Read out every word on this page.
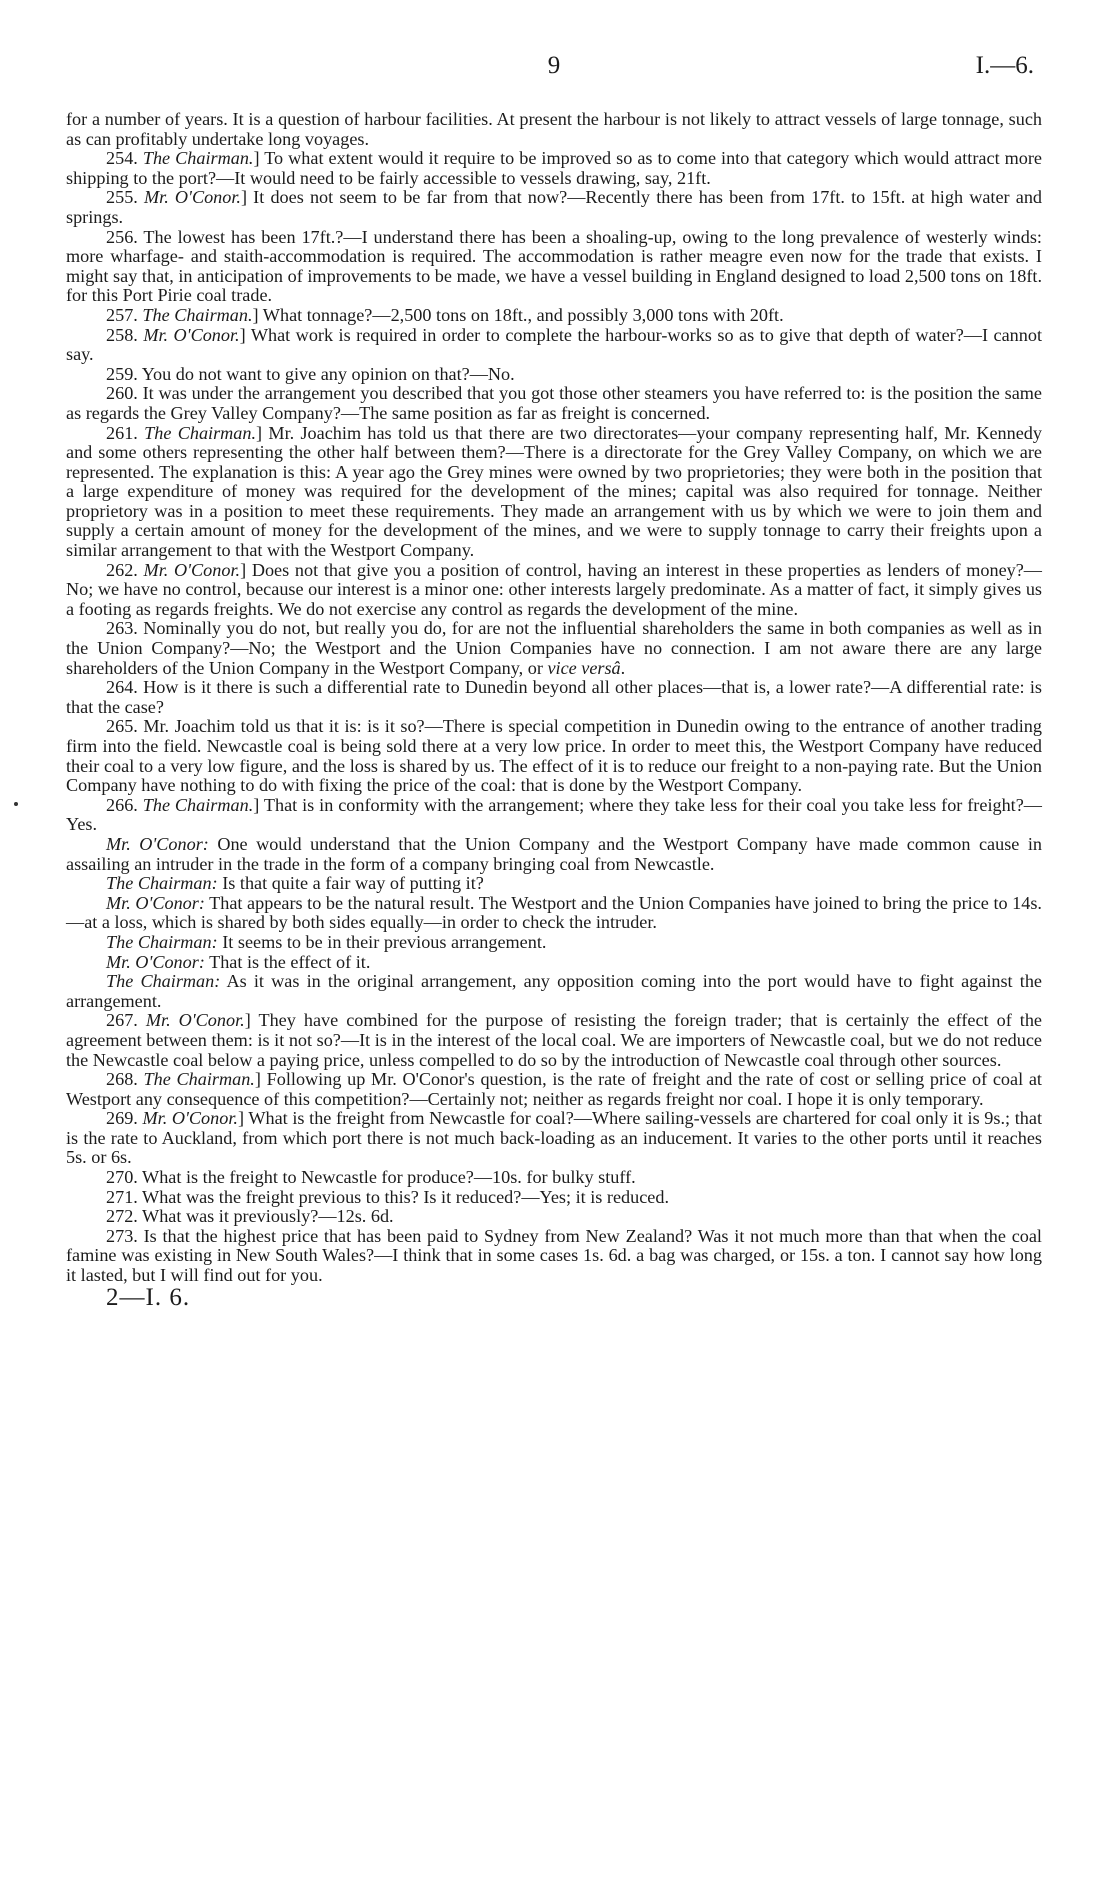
9	I.—6.

for a number of years. It is a question of harbour facilities. At present the harbour is not likely to attract vessels of large tonnage, such as can profitably undertake long voyages.

254. The Chairman.] To what extent would it require to be improved so as to come into that category which would attract more shipping to the port?—It would need to be fairly accessible to vessels drawing, say, 21ft.

255. Mr. O'Conor.] It does not seem to be far from that now?—Recently there has been from 17ft. to 15ft. at high water and springs.

256. The lowest has been 17ft.?—I understand there has been a shoaling-up, owing to the long prevalence of westerly winds: more wharfage- and staith-accommodation is required. The accommodation is rather meagre even now for the trade that exists. I might say that, in anticipation of improvements to be made, we have a vessel building in England designed to load 2,500 tons on 18ft. for this Port Pirie coal trade.

257. The Chairman.] What tonnage?—2,500 tons on 18ft., and possibly 3,000 tons with 20ft.

258. Mr. O'Conor.] What work is required in order to complete the harbour-works so as to give that depth of water?—I cannot say.

259. You do not want to give any opinion on that?—No.

260. It was under the arrangement you described that you got those other steamers you have referred to: is the position the same as regards the Grey Valley Company?—The same position as far as freight is concerned.

261. The Chairman.] Mr. Joachim has told us that there are two directorates—your company representing half, Mr. Kennedy and some others representing the other half between them?—There is a directorate for the Grey Valley Company, on which we are represented. The explanation is this: A year ago the Grey mines were owned by two proprietories; they were both in the position that a large expenditure of money was required for the development of the mines; capital was also required for tonnage. Neither proprietory was in a position to meet these requirements. They made an arrangement with us by which we were to join them and supply a certain amount of money for the development of the mines, and we were to supply tonnage to carry their freights upon a similar arrangement to that with the Westport Company.

262. Mr. O'Conor.] Does not that give you a position of control, having an interest in these properties as lenders of money?—No; we have no control, because our interest is a minor one: other interests largely predominate. As a matter of fact, it simply gives us a footing as regards freights. We do not exercise any control as regards the development of the mine.

263. Nominally you do not, but really you do, for are not the influential shareholders the same in both companies as well as in the Union Company?—No; the Westport and the Union Companies have no connection. I am not aware there are any large shareholders of the Union Company in the Westport Company, or vice versâ.

264. How is it there is such a differential rate to Dunedin beyond all other places—that is, a lower rate?—A differential rate: is that the case?

265. Mr. Joachim told us that it is: is it so?—There is special competition in Dunedin owing to the entrance of another trading firm into the field. Newcastle coal is being sold there at a very low price. In order to meet this, the Westport Company have reduced their coal to a very low figure, and the loss is shared by us. The effect of it is to reduce our freight to a non-paying rate. But the Union Company have nothing to do with fixing the price of the coal: that is done by the Westport Company.

266. The Chairman.] That is in conformity with the arrangement; where they take less for their coal you take less for freight?—Yes.

Mr. O'Conor: One would understand that the Union Company and the Westport Company have made common cause in assailing an intruder in the trade in the form of a company bringing coal from Newcastle.

The Chairman: Is that quite a fair way of putting it?

Mr. O'Conor: That appears to be the natural result. The Westport and the Union Companies have joined to bring the price to 14s.—at a loss, which is shared by both sides equally—in order to check the intruder.

The Chairman: It seems to be in their previous arrangement.

Mr. O'Conor: That is the effect of it.

The Chairman: As it was in the original arrangement, any opposition coming into the port would have to fight against the arrangement.

267. Mr. O'Conor.] They have combined for the purpose of resisting the foreign trader; that is certainly the effect of the agreement between them: is it not so?—It is in the interest of the local coal. We are importers of Newcastle coal, but we do not reduce the Newcastle coal below a paying price, unless compelled to do so by the introduction of Newcastle coal through other sources.

268. The Chairman.] Following up Mr. O'Conor's question, is the rate of freight and the rate of cost or selling price of coal at Westport any consequence of this competition?—Certainly not; neither as regards freight nor coal. I hope it is only temporary.

269. Mr. O'Conor.] What is the freight from Newcastle for coal?—Where sailing-vessels are chartered for coal only it is 9s.; that is the rate to Auckland, from which port there is not much back-loading as an inducement. It varies to the other ports until it reaches 5s. or 6s.

270. What is the freight to Newcastle for produce?—10s. for bulky stuff.

271. What was the freight previous to this? Is it reduced?—Yes; it is reduced.

272. What was it previously?—12s. 6d.

273. Is that the highest price that has been paid to Sydney from New Zealand? Was it not much more than that when the coal famine was existing in New South Wales?—I think that in some cases 1s. 6d. a bag was charged, or 15s. a ton. I cannot say how long it lasted, but I will find out for you.

2—I. 6.
